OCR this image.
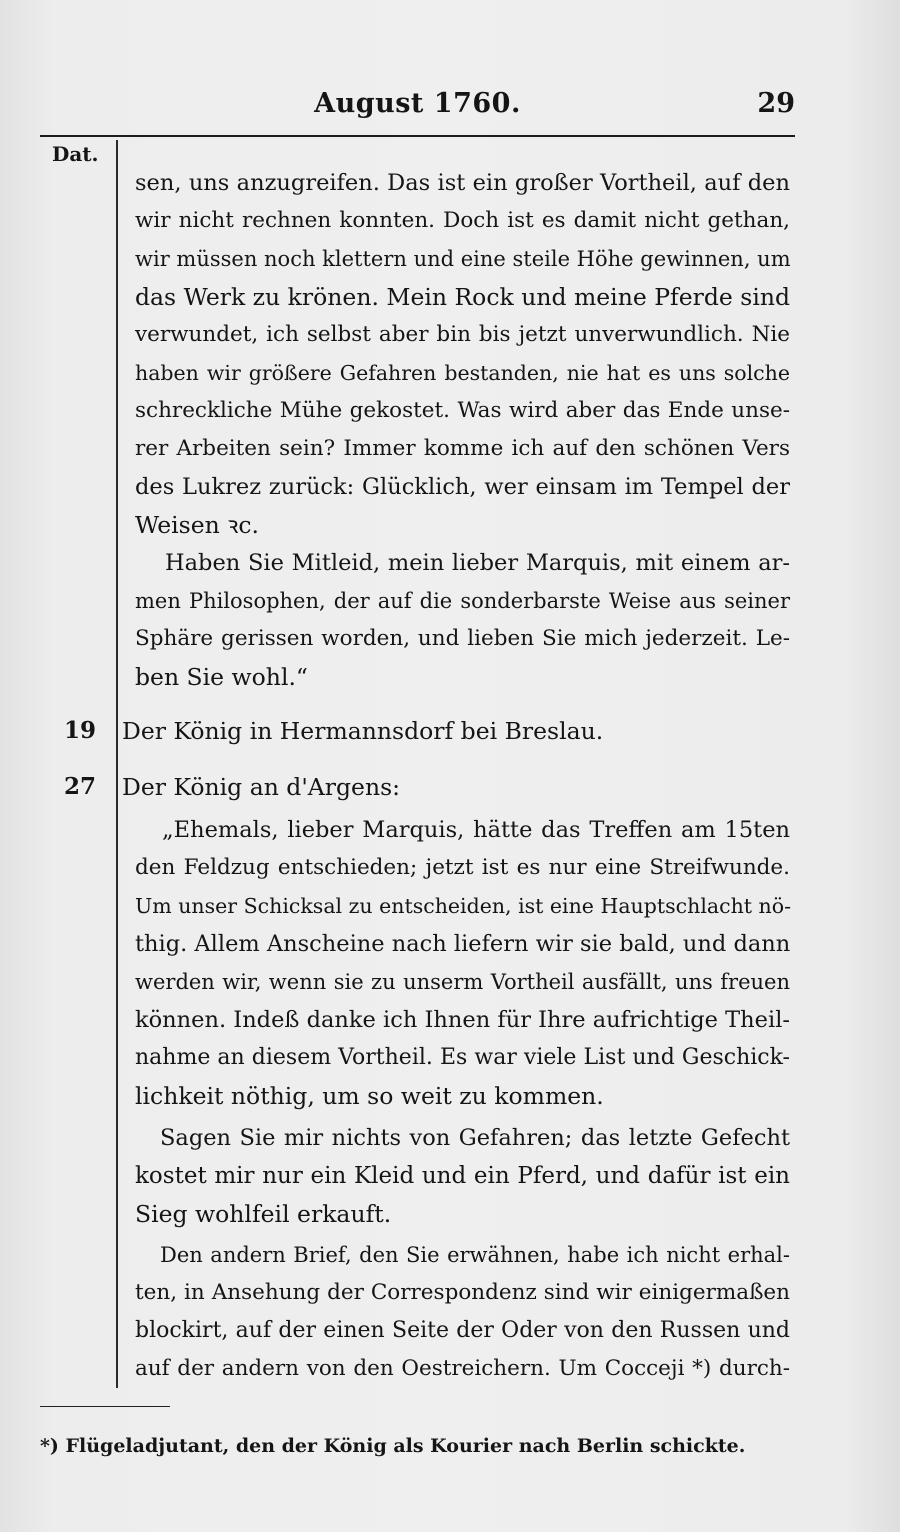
August 1760.	29
Dat.
sen, uns anzugreifen. Das ist ein großer Vortheil, auf den
wir nicht rechnen konnten. Doch ist es damit nicht gethan,
wir müssen noch klettern und eine steile Höhe gewinnen, um
das Werk zu krönen. Mein Rock und meine Pferde sind
verwundet, ich selbst aber bin bis jetzt unverwundlich. Nie
haben wir größere Gefahren bestanden, nie hat es uns solche
schreckliche Mühe gekostet. Was wird aber das Ende unse-
rer Arbeiten sein? Immer komme ich auf den schönen Vers
des Lukrez zurück: Glücklich, wer einsam im Tempel der
Weisen ꝛc.
Haben Sie Mitleid, mein lieber Marquis, mit einem ar-
men Philosophen, der auf die sonderbarste Weise aus seiner
Sphäre gerissen worden, und lieben Sie mich jederzeit. Le-
ben Sie wohl.“
19 Der König in Hermannsdorf bei Breslau.
27 Der König an d'Argens:
„Ehemals, lieber Marquis, hätte das Treffen am 15ten
den Feldzug entschieden; jetzt ist es nur eine Streifwunde.
Um unser Schicksal zu entscheiden, ist eine Hauptschlacht nö-
thig. Allem Anscheine nach liefern wir sie bald, und dann
werden wir, wenn sie zu unserm Vortheil ausfällt, uns freuen
können. Indeß danke ich Ihnen für Ihre aufrichtige Theil-
nahme an diesem Vortheil. Es war viele List und Geschick-
lichkeit nöthig, um so weit zu kommen.
Sagen Sie mir nichts von Gefahren; das letzte Gefecht
kostet mir nur ein Kleid und ein Pferd, und dafür ist ein
Sieg wohlfeil erkauft.
Den andern Brief, den Sie erwähnen, habe ich nicht erhal-
ten, in Ansehung der Correspondenz sind wir einigermaßen
blockirt, auf der einen Seite der Oder von den Russen und
auf der andern von den Oestreichern. Um Cocceji *) durch-
*) Flügeladjutant, den der König als Kourier nach Berlin schickte.
